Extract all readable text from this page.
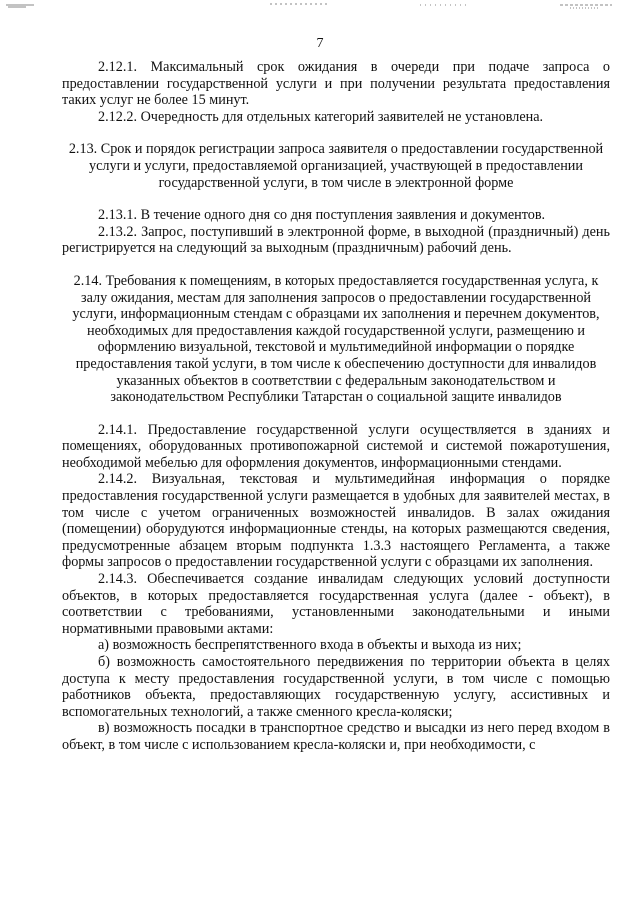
7

2.12.1. Максимальный срок ожидания в очереди при подаче запроса о предоставлении государственной услуги и при получении результата предоставления таких услуг не более 15 минут.

2.12.2. Очередность для отдельных категорий заявителей не установлена.

2.13. Срок и порядок регистрации запроса заявителя о предоставлении государственной услуги и услуги, предоставляемой организацией, участвующей в предоставлении государственной услуги, в том числе в электронной форме

2.13.1. В течение одного дня со дня поступления заявления и документов.

2.13.2. Запрос, поступивший в электронной форме, в выходной (праздничный) день регистрируется на следующий за выходным (праздничным) рабочий день.

2.14. Требования к помещениям, в которых предоставляется государственная услуга, к залу ожидания, местам для заполнения запросов о предоставлении государственной услуги, информационным стендам с образцами их заполнения и перечнем документов, необходимых для предоставления каждой государственной услуги, размещению и оформлению визуальной, текстовой и мультимедийной информации о порядке предоставления такой услуги, в том числе к обеспечению доступности для инвалидов указанных объектов в соответствии с федеральным законодательством и законодательством Республики Татарстан о социальной защите инвалидов

2.14.1. Предоставление государственной услуги осуществляется в зданиях и помещениях, оборудованных противопожарной системой и системой пожаротушения, необходимой мебелью для оформления документов, информационными стендами.

2.14.2. Визуальная, текстовая и мультимедийная информация о порядке предоставления государственной услуги размещается в удобных для заявителей местах, в том числе с учетом ограниченных возможностей инвалидов. В залах ожидания (помещении) оборудуются информационные стенды, на которых размещаются сведения, предусмотренные абзацем вторым подпункта 1.3.3 настоящего Регламента, а также формы запросов о предоставлении государственной услуги с образцами их заполнения.

2.14.3. Обеспечивается создание инвалидам следующих условий доступности объектов, в которых предоставляется государственная услуга (далее - объект), в соответствии с требованиями, установленными законодательными и иными нормативными правовыми актами:

а) возможность беспрепятственного входа в объекты и выхода из них;

б) возможность самостоятельного передвижения по территории объекта в целях доступа к месту предоставления государственной услуги, в том числе с помощью работников объекта, предоставляющих государственную услугу, ассистивных и вспомогательных технологий, а также сменного кресла-коляски;

в) возможность посадки в транспортное средство и высадки из него перед входом в объект, в том числе с использованием кресла-коляски и, при необходимости, с
